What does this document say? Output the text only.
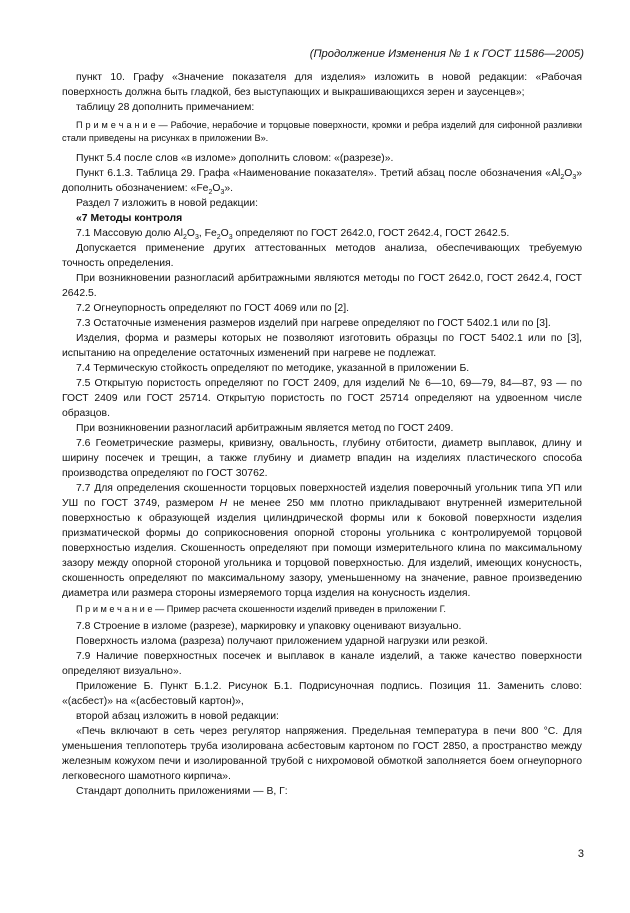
(Продолжение Изменения № 1 к ГОСТ 11586—2005)

пункт 10. Графу «Значение показателя для изделия» изложить в новой редакции: «Рабочая поверхность должна быть гладкой, без выступающих и выкрашивающихся зерен и заусенцев»;

таблицу 28 дополнить примечанием:

П р и м е ч а н и е — Рабочие, нерабочие и торцовые поверхности, кромки и ребра изделий для сифонной разливки стали приведены на рисунках в приложении В».

Пункт 5.4 после слов «в изломе» дополнить словом: «(разрезе)».

Пункт 6.1.3. Таблица 29. Графа «Наименование показателя». Третий абзац после обозначения «$Al_2O_3$» дополнить обозначением: «$Fe_2O_3$».

Раздел 7 изложить в новой редакции:

«7 Методы контроля

7.1 Массовую долю $Al_2O_3$, $Fe_2O_3$ определяют по ГОСТ 2642.0, ГОСТ 2642.4, ГОСТ 2642.5.

Допускается применение других аттестованных методов анализа, обеспечивающих требуемую точность определения.

При возникновении разногласий арбитражными являются методы по ГОСТ 2642.0, ГОСТ 2642.4, ГОСТ 2642.5.

7.2 Огнеупорность определяют по ГОСТ 4069 или по [2].

7.3 Остаточные изменения размеров изделий при нагреве определяют по ГОСТ 5402.1 или по [3].

Изделия, форма и размеры которых не позволяют изготовить образцы по ГОСТ 5402.1 или по [3], испытанию на определение остаточных изменений при нагреве не подлежат.

7.4 Термическую стойкость определяют по методике, указанной в приложении Б.

7.5 Открытую пористость определяют по ГОСТ 2409, для изделий № 6—10, 69—79, 84—87, 93 — по ГОСТ 2409 или ГОСТ 25714. Открытую пористость по ГОСТ 25714 определяют на удвоенном числе образцов.

При возникновении разногласий арбитражным является метод по ГОСТ 2409.

7.6 Геометрические размеры, кривизну, овальность, глубину отбитости, диаметр выплавок, длину и ширину посечек и трещин, а также глубину и диаметр впадин на изделиях пластического способа производства определяют по ГОСТ 30762.

7.7 Для определения скошенности торцовых поверхностей изделия поверочный угольник типа УП или УШ по ГОСТ 3749, размером Н не менее 250 мм плотно прикладывают внутренней измерительной поверхностью к образующей изделия цилиндрической формы или к боковой поверхности изделия призматической формы до соприкосновения опорной стороны угольника с контролируемой торцовой поверхностью изделия. Скошенность определяют при помощи измерительного клина по максимальному зазору между опорной стороной угольника и торцовой поверхностью. Для изделий, имеющих конусность, скошенность определяют по максимальному зазору, уменьшенному на значение, равное произведению диаметра или размера стороны измеряемого торца изделия на конусность изделия.

П р и м е ч а н и е — Пример расчета скошенности изделий приведен в приложении Г.

7.8 Строение в изломе (разрезе), маркировку и упаковку оценивают визуально.

Поверхность излома (разреза) получают приложением ударной нагрузки или резкой.

7.9 Наличие поверхностных посечек и выплавок в канале изделий, а также качество поверхности определяют визуально».

Приложение Б. Пункт Б.1.2. Рисунок Б.1. Подрисуночная подпись. Позиция 11. Заменить слово: «(асбест)» на «(асбестовый картон)»,

второй абзац изложить в новой редакции:

«Печь включают в сеть через регулятор напряжения. Предельная температура в печи 800 °С. Для уменьшения теплопотерь труба изолирована асбестовым картоном по ГОСТ 2850, а пространство между железным кожухом печи и изолированной трубой с нихромовой обмоткой заполняется боем огнеупорного легковесного шамотного кирпича».

Стандарт дополнить приложениями — В, Г:

3
